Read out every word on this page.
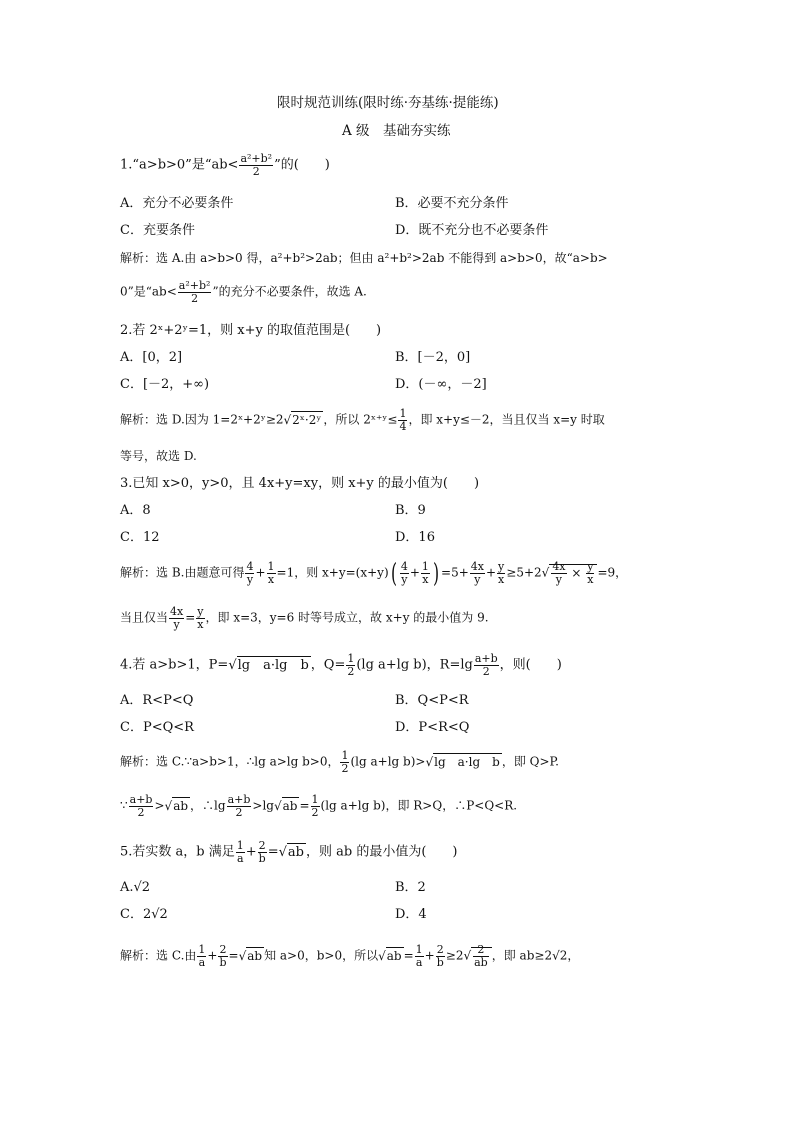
限时规范训练(限时练·夯基练·提能练)
A 级　基础夯实练
1.“a>b>0”是“$ab< \frac{\text{a²+b²}}{2}$ ”的(　　)
A．充分不必要条件	B．必要不充分条件
C．充要条件	D．既不充分也不必要条件
解析：选 A.由 a>b>0 得，a²+b²>2ab；但由 a²+b²>2ab 不能得到 a>b>0，故“a>b>
0”是“$ab< \frac{\text{a²+b²}}{2}$ ”的充分不必要条件，故选 A.
2.若 2ˣ+2ʸ=1，则 x+y 的取值范围是(　　)
A．[0，2]	B．[－2，0]
C．[－2，+∞)	D．(－∞，－2]
解析：选 D.因为 1=2ˣ+2ʸ≥2√2ˣ·2ʸ ，所以 2ˣ⁺ʸ≤ $\frac{1}{4}$ ，即 x+y≤－2，当且仅当 x=y 时取
等号，故选 D.
3.已知 x>0，y>0，且 4x+y=xy，则 x+y 的最小值为(　　)
A．8	B．9
C．12	D．16
解析：选 B.由题意可得 $\frac{4}{y} + \frac{1}{x} =1$，则 $x+y=(x+y)( \frac{4}{y} + \frac{1}{x}$ ) $=5+ \frac{4x}{y} + \frac{y}{x} \ge 5+2√ \frac{4x}{y} \times \frac{y}{x} =9$，
当且仅当 $\frac{4x}{y} = \frac{y}{x}$ ，即 x=3，y=6 时等号成立，故 x+y 的最小值为 9.
4.若 a>b>1，P=√lg　a·lg　b ，$Q= \frac{1}{2} (\lg$ a+lg b)，$R=\lg \frac{a+b}{2}$ ，则(　　)
A．R<P<Q	B．Q<P<R
C．P<Q<R	D．P<R<Q
解析：选 C.∵a>b>1，∴lg a>lg b>0， $\frac{1}{2} (\lg$ a+lg b)>√lg　a·lg　b ，即 Q>P.
∵ $\frac{a+b}{2} >√ab$ ，∴lg $\frac{a+b}{2} >\lg√ab = \frac{1}{2} (\lg$ a+lg b)，即 R>Q，∴P<Q<R.
5.若实数 a，b 满足 $\frac{1}{a} + \frac{2}{b} =√ab$ ，则 ab 的最小值为(　　)
A.√2	B．2
C．2√2	D．4
解析：选 C.由 $\frac{1}{a} + \frac{2}{b} =√ab$ 知 a>0，b>0，所以$√ab = \frac{1}{a} + \frac{2}{b} \ge 2√ \frac{2}{ab}$ ，即 ab≥2√2，
